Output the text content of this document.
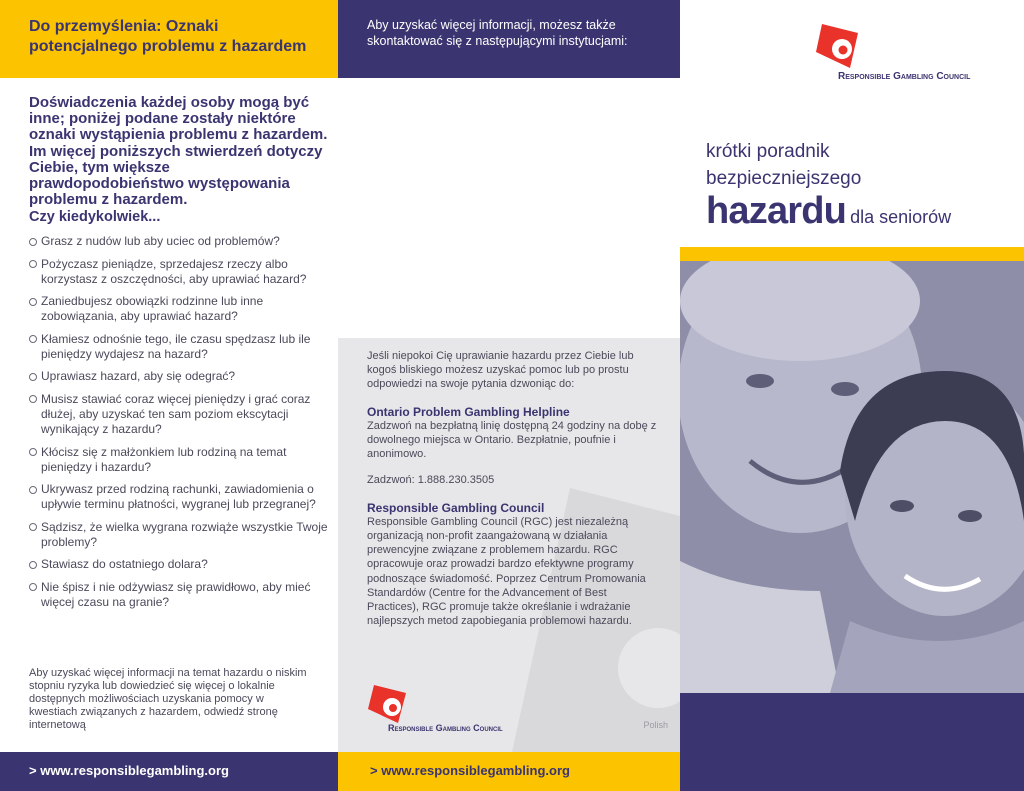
Do przemyślenia: Oznaki potencjalnego problemu z hazardem
Doświadczenia każdej osoby mogą być inne; poniżej podane zostały niektóre oznaki wystąpienia problemu z hazardem. Im więcej poniższych stwierdzeń dotyczy Ciebie, tym większe prawdopodobieństwo występowania problemu z hazardem.
Czy kiedykolwiek...
Grasz z nudów lub aby uciec od problemów?
Pożyczasz pieniądze, sprzedajesz rzeczy albo korzystasz z oszczędności, aby uprawiać hazard?
Zaniedbujesz obowiązki rodzinne lub inne zobowiązania, aby uprawiać hazard?
Kłamiesz odnośnie tego, ile czasu spędzasz lub ile pieniędzy wydajesz na hazard?
Uprawiasz hazard, aby się odegrać?
Musisz stawiać coraz więcej pieniędzy i grać coraz dłużej, aby uzyskać ten sam poziom ekscytacji wynikający z hazardu?
Kłócisz się z małżonkiem lub rodziną na temat pieniędzy i hazardu?
Ukrywasz przed rodziną rachunki, zawiadomienia o upływie terminu płatności, wygranej lub przegranej?
Sądzisz, że wielka wygrana rozwiąże wszystkie Twoje problemy?
Stawiasz do ostatniego dolara?
Nie śpisz i nie odżywiasz się prawidłowo, aby mieć więcej czasu na granie?
Aby uzyskać więcej informacji na temat hazardu o niskim stopniu ryzyka lub dowiedzieć się więcej o lokalnie dostępnych możliwościach uzyskania pomocy w kwestiach związanych z hazardem, odwiedź stronę internetową
> www.responsiblegambling.org
Aby uzyskać więcej informacji, możesz także skontaktować się z następującymi instytucjami:
Jeśli niepokoi Cię uprawianie hazardu przez Ciebie lub kogoś bliskiego możesz uzyskać pomoc lub po prostu odpowiedzi na swoje pytania dzwoniąc do:
Ontario Problem Gambling Helpline
Zadzwoń na bezpłatną linię dostępną 24 godziny na dobę z dowolnego miejsca w Ontario. Bezpłatnie, poufnie i anonimowo.
Zadzwoń: 1.888.230.3505
Responsible Gambling Council
Responsible Gambling Council (RGC) jest niezależną organizacją non-profit zaangażowaną w działania prewencyjne związane z problemem hazardu. RGC opracowuje oraz prowadzi bardzo efektywne programy podnoszące świadomość. Poprzez Centrum Promowania Standardów (Centre for the Advancement of Best Practices), RGC promuje także określanie i wdrażanie najlepszych metod zapobiegania problemowi hazardu.
Responsible Gambling Council	Polish
> www.responsiblegambling.org
Responsible Gambling Council
krótki poradnik
bezpieczniejszego
hazardu dla seniorów
